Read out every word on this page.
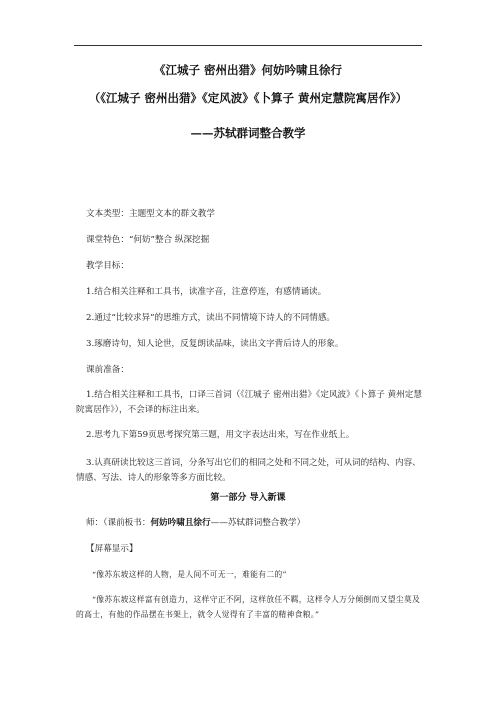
《江城子 密州出猎》何妨吟啸且徐行
（《江城子 密州出猎》《定风波》《卜算子 黄州定慧院寓居作》）
——苏轼群词整合教学
文本类型：主题型文本的群文教学
课堂特色：“何妨”整合 纵深挖掘
教学目标：
1.结合相关注释和工具书，读准字音，注意停连，有感情诵读。
2.通过“比较求异”的思维方式，读出不同情境下诗人的不同情感。
3.琢磨诗句，知人论世，反复朗读品味，读出文字背后诗人的形象。
课前准备：
1.结合相关注释和工具书，口译三首词（《江城子 密州出猎》《定风波》《卜算子 黄州定慧院寓居作》），不会译的标注出来。
2.思考九下第59页思考探究第三题，用文字表达出来，写在作业纸上。
3.认真研读比较这三首词，分条写出它们的相同之处和不同之处，可从词的结构、内容、情感、写法、诗人的形象等多方面比较。
第一部分 导入新课
师：（课前板书：何妨吟啸且徐行——苏轼群词整合教学）
【屏幕显示】
“像苏东坡这样的人物，是人间不可无一，难能有二的”
“像苏东坡这样富有创造力，这样守正不阿，这样放任不羁，这样令人万分倾倒而又望尘莫及的高士，有他的作品摆在书架上，就令人觉得有了丰富的精神食粮。”
